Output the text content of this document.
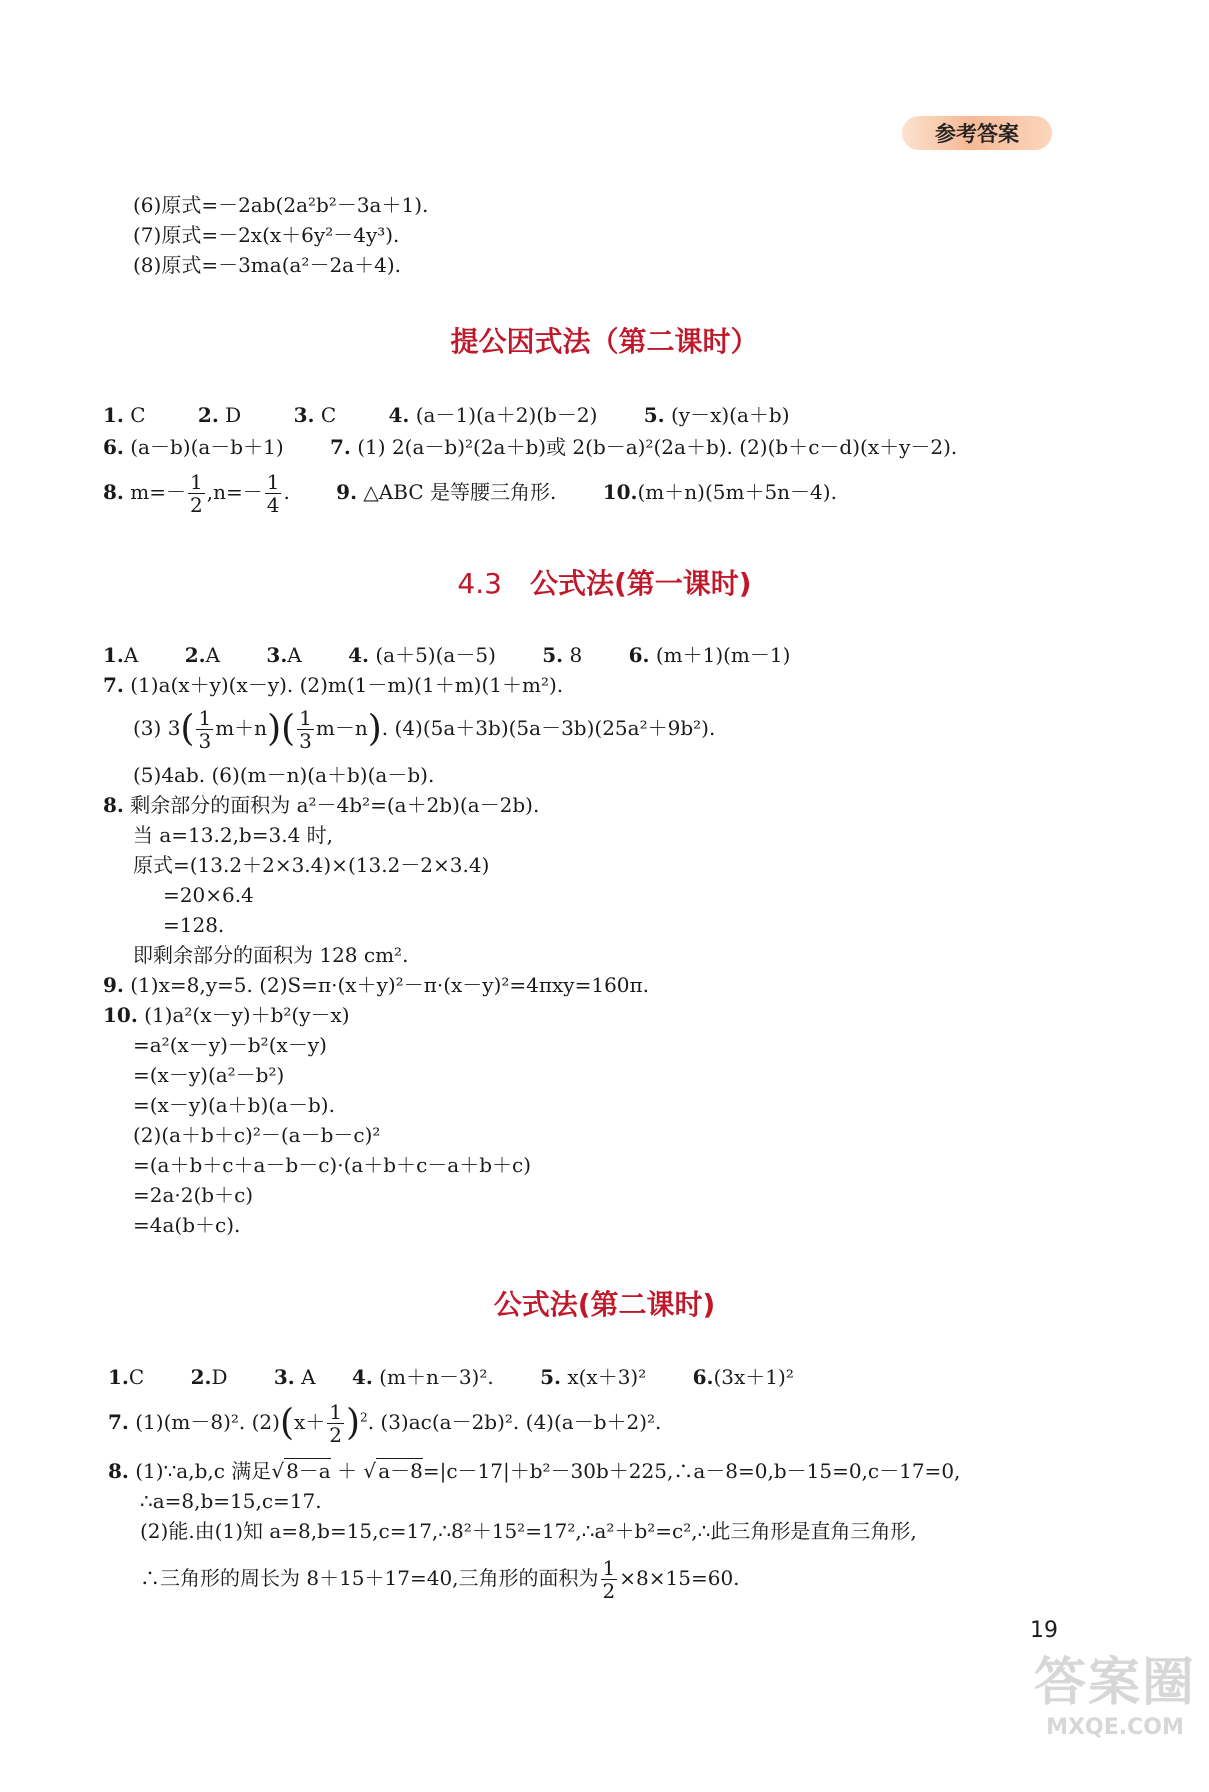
参考答案
(6)原式=－2ab(2a²b²－3a＋1).
(7)原式=－2x(x＋6y²－4y³).
(8)原式=－3ma(a²－2a＋4).
提公因式法（第二课时）
1. C	2. D	3. C	4. (a－1)(a＋2)(b－2) 5. (y－x)(a＋b)
6. (a－b)(a－b＋1) 7. (1) 2(a－b)²(2a＋b)或 2(b－a)²(2a＋b). (2)(b＋c－d)(x＋y－2).
8. $m=- \frac{1}{2} ,n=- \frac{1}{4}$ . 9. △ABC 是等腰三角形. 10.(m＋n)(5m＋5n－4).
4.3 公式法(第一课时)
1.A 2.A 3.A 4. (a＋5)(a－5) 5. 8 6. (m＋1)(m－1)
7. (1)a(x＋y)(x－y). (2)m(1－m)(1＋m)(1＋m²).
(3) $3( \frac{1}{3} m+n)( \frac{1}{3} m-n)$. (4)(5a＋3b)(5a－3b)(25a²＋9b²).
(5)4ab. (6)(m－n)(a＋b)(a－b).
8. 剩余部分的面积为 a²－4b²=(a＋2b)(a－2b).
当 a=13.2,b=3.4 时,
原式=(13.2＋2×3.4)×(13.2－2×3.4)
=20×6.4
=128.
即剩余部分的面积为 128 cm².
9. (1)x=8,y=5. (2)S=π·(x＋y)²－π·(x－y)²=4πxy=160π.
10. (1)a²(x－y)＋b²(y－x)
=a²(x－y)－b²(x－y)
=(x－y)(a²－b²)
=(x－y)(a＋b)(a－b).
(2)(a＋b＋c)²－(a－b－c)²
=(a＋b＋c＋a－b－c)·(a＋b＋c－a＋b＋c)
=2a·2(b＋c)
=4a(b＋c).
公式法(第二课时)
1.C 2.D 3. A 4. (m＋n－3)². 5. x(x＋3)² 6.(3x＋1)²
7. (1)(m－8)². $(2)(x+ \frac{1}{2} )^2$. (3)ac(a－2b)². (4)(a－b＋2)².
8. (1)∵a,b,c 满足√ 8－a ＋ √ a－8=|c－17|＋b²－30b＋225,∴a－8=0,b－15=0,c－17=0,
∴a=8,b=15,c=17.
(2)能.由(1)知 a=8,b=15,c=17,∴8²＋15²=17²,∴a²＋b²=c²,∴此三角形是直角三角形,
∴三角形的周长为 8＋15＋17=40,三角形的面积为 $\frac{1}{2} \times 8\times 15=60$.
19
答案圈
MXQE.COM
